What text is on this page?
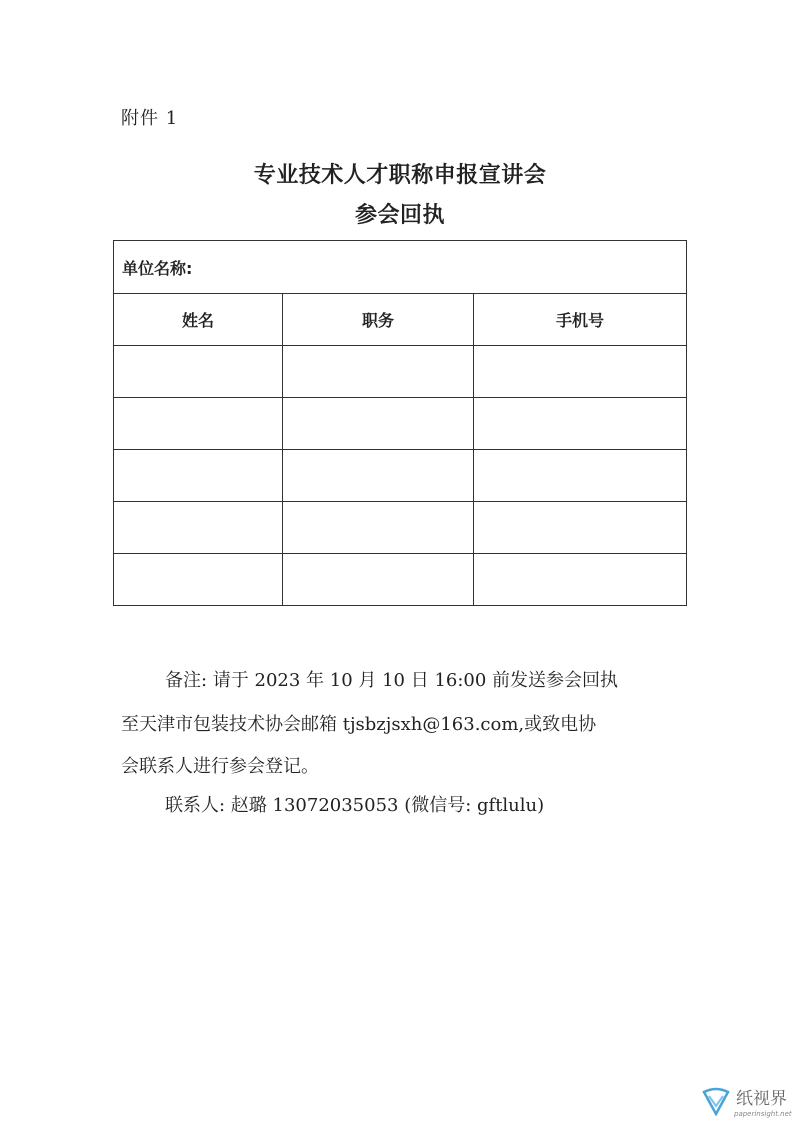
附件 1
专业技术人才职称申报宣讲会
参会回执
单位名称:		
姓名	职务	手机号

备注: 请于 2023 年 10 月 10 日 16:00 前发送参会回执
至天津市包装技术协会邮箱 tjsbzjsxh@163.com,或致电协
会联系人进行参会登记。
联系人: 赵璐 13072035053 (微信号: gftlulu)
纸视界
paperinsight.net
